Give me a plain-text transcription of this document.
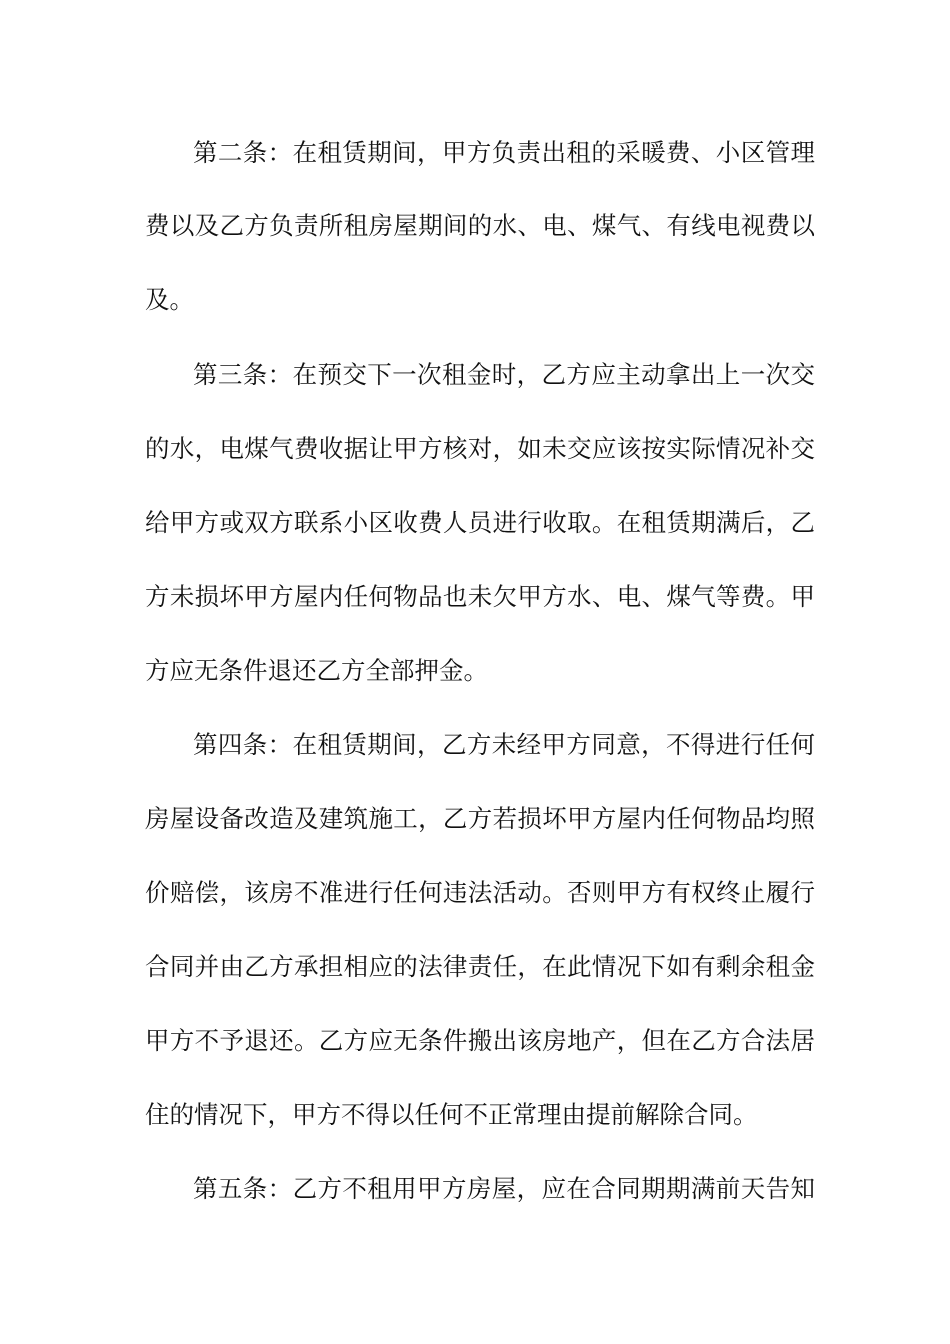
第二条：在租赁期间，甲方负责出租的采暖费、小区管理
费以及乙方负责所租房屋期间的水、电、煤气、有线电视费以
及。
第三条：在预交下一次租金时，乙方应主动拿出上一次交
的水，电煤气费收据让甲方核对，如未交应该按实际情况补交
给甲方或双方联系小区收费人员进行收取。在租赁期满后，乙
方未损坏甲方屋内任何物品也未欠甲方水、电、煤气等费。甲
方应无条件退还乙方全部押金。
第四条：在租赁期间，乙方未经甲方同意，不得进行任何
房屋设备改造及建筑施工，乙方若损坏甲方屋内任何物品均照
价赔偿，该房不准进行任何违法活动。否则甲方有权终止履行
合同并由乙方承担相应的法律责任，在此情况下如有剩余租金
甲方不予退还。乙方应无条件搬出该房地产，但在乙方合法居
住的情况下，甲方不得以任何不正常理由提前解除合同。
第五条：乙方不租用甲方房屋，应在合同期期满前天告知
